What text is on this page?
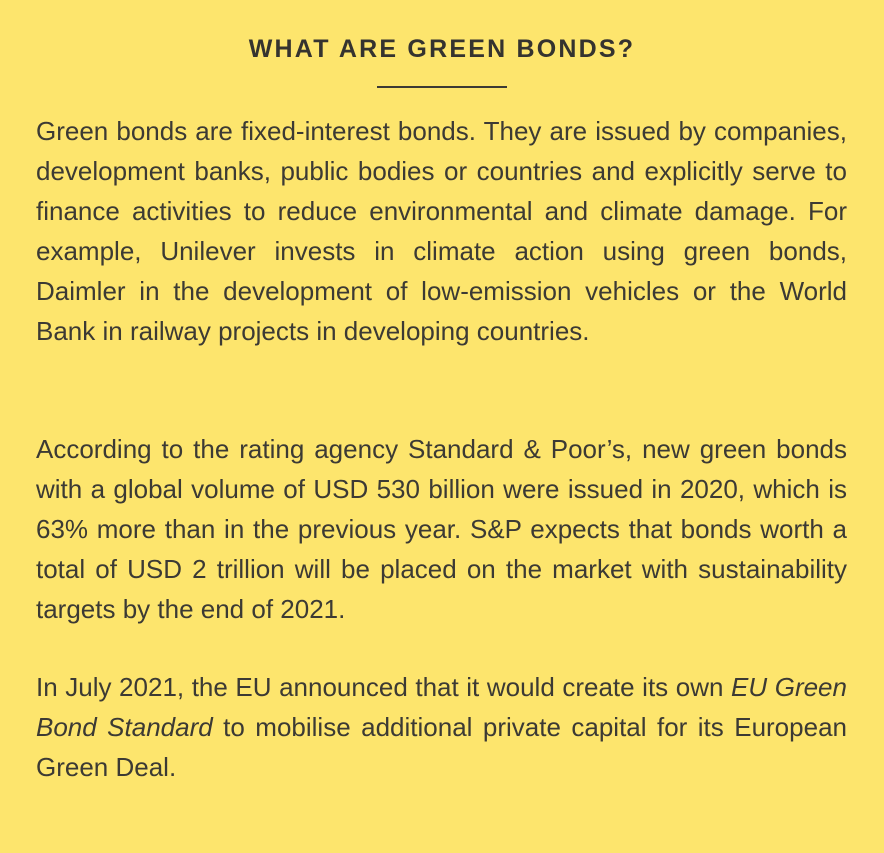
WHAT ARE GREEN BONDS?

Green bonds are fixed-interest bonds. They are issued by companies, development banks, public bodies or countries and explicitly serve to finance activities to reduce environmental and climate damage. For example, Unilever invests in climate action using green bonds, Daimler in the development of low-emission vehicles or the World Bank in railway projects in developing countries.

According to the rating agency Standard & Poor’s, new green bonds with a global volume of USD 530 billion were issued in 2020, which is 63% more than in the previous year. S&P expects that bonds worth a total of USD 2 trillion will be placed on the market with sustainability targets by the end of 2021.

In July 2021, the EU announced that it would create its own EU Green Bond Standard to mobilise additional private capital for its European Green Deal.
